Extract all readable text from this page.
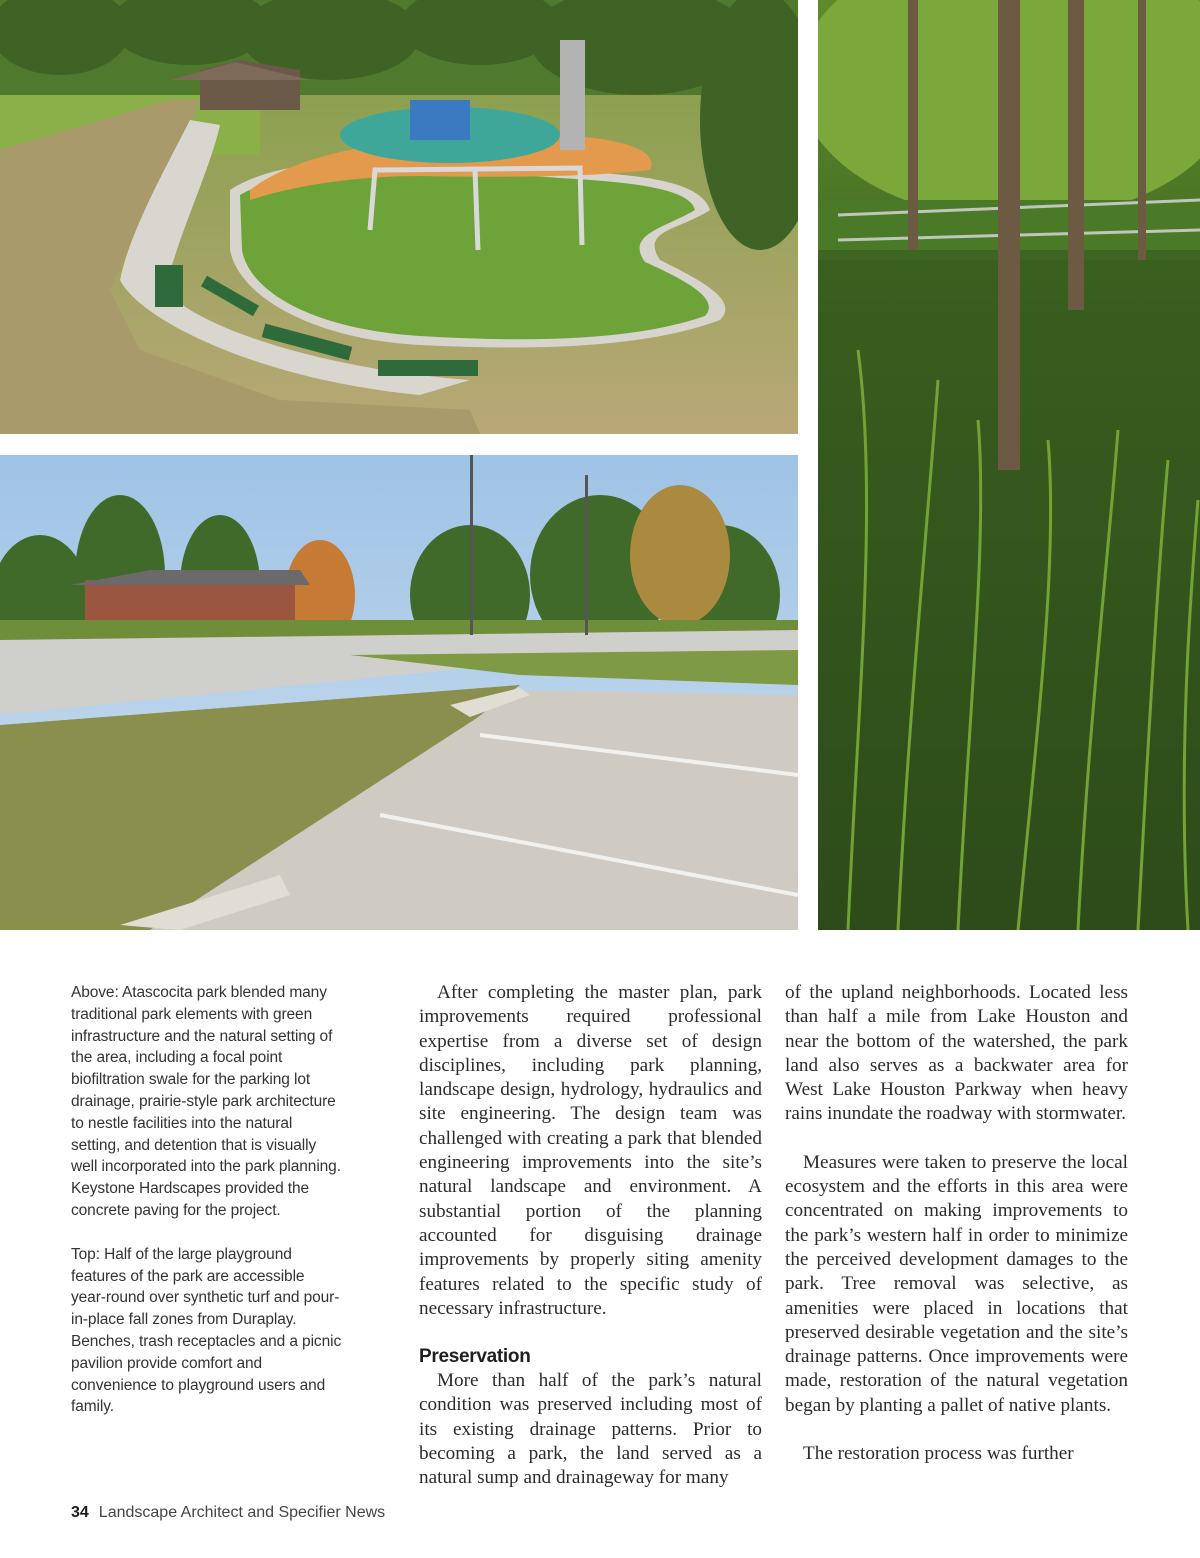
Above: Atascocita park blended many traditional park elements with green infrastructure and the natural setting of the area, including a focal point biofiltration swale for the parking lot drainage, prairie-style park architecture to nestle facilities into the natural setting, and detention that is visually well incorporated into the park planning. Keystone Hardscapes provided the concrete paving for the project.

Top: Half of the large playground features of the park are accessible year-round over synthetic turf and pour-in-place fall zones from Duraplay. Benches, trash receptacles and a picnic pavilion provide comfort and convenience to playground users and family.

After completing the master plan, park improvements required professional expertise from a diverse set of design disciplines, including park planning, landscape design, hydrology, hydraulics and site engineering. The design team was challenged with creating a park that blended engineering improvements into the site’s natural landscape and environment. A substantial portion of the planning accounted for disguising drainage improvements by properly siting amenity features related to the specific study of necessary infrastructure.

Preservation

More than half of the park’s natural condition was preserved including most of its existing drainage patterns. Prior to becoming a park, the land served as a natural sump and drainageway for many

of the upland neighborhoods. Located less than half a mile from Lake Houston and near the bottom of the watershed, the park land also serves as a backwater area for West Lake Houston Parkway when heavy rains inundate the roadway with stormwater.

Measures were taken to preserve the local ecosystem and the efforts in this area were concentrated on making improvements to the park’s western half in order to minimize the perceived development damages to the park. Tree removal was selective, as amenities were placed in locations that preserved desirable vegetation and the site’s drainage patterns. Once improvements were made, restoration of the natural vegetation began by planting a pallet of native plants.

The restoration process was further

34 Landscape Architect and Specifier News
